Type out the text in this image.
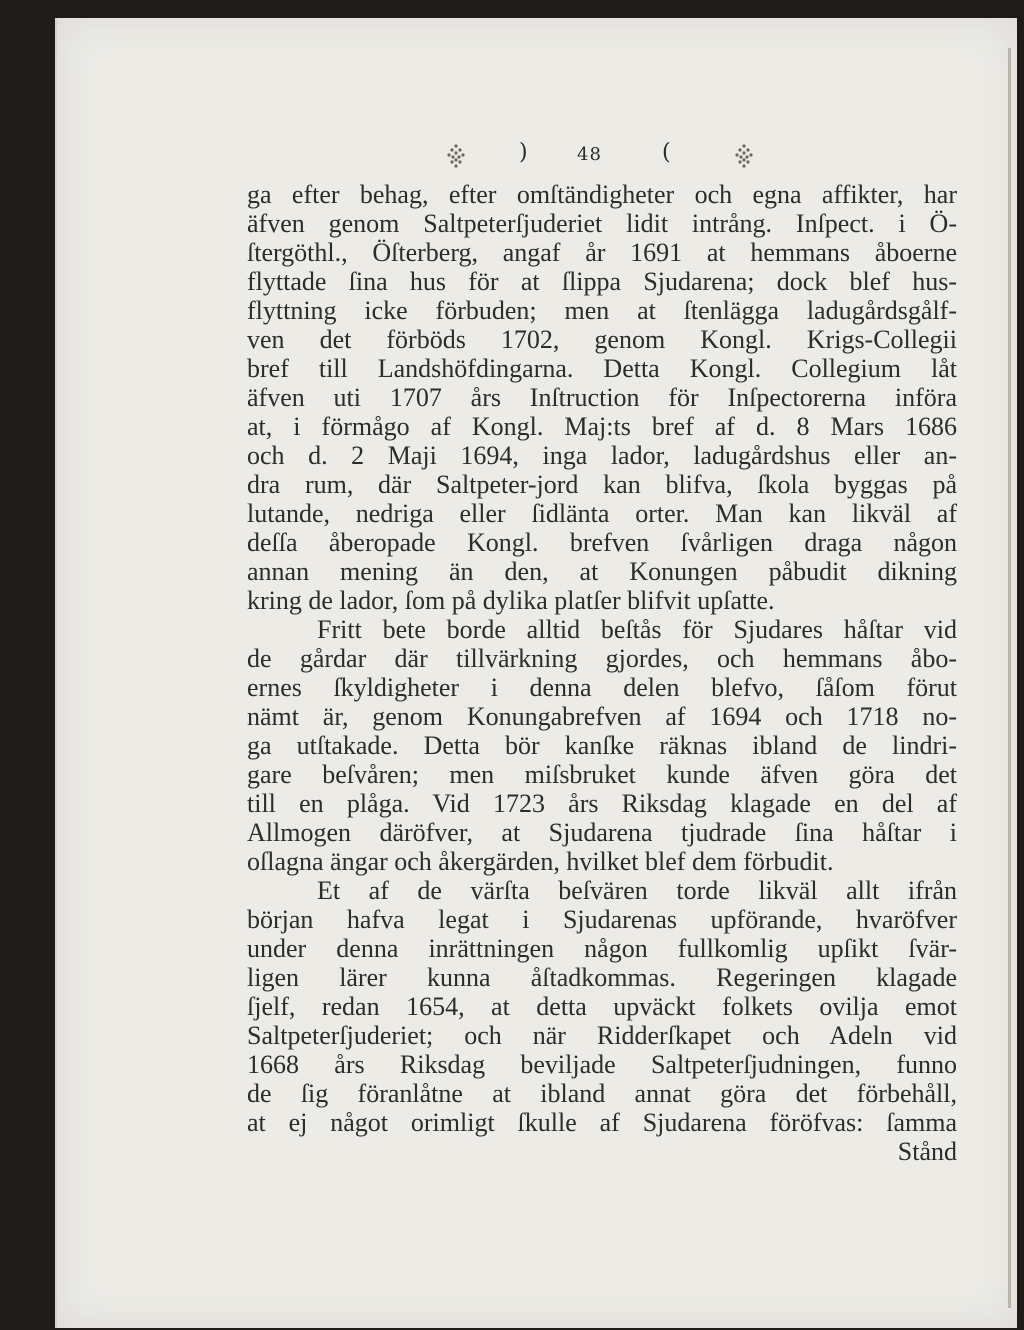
)	48	(
ga efter behag, efter omſtändigheter och egna affikter, har
äfven genom Saltpeterſjuderiet lidit intrång. Inſpect. i Ö-
ſtergöthl., Öſterberg, angaf år 1691 at hemmans åboerne
flyttade ſina hus för at ſlippa Sjudarena; dock blef hus-
flyttning icke förbuden; men at ſtenlägga ladugårdsgålf-
ven det förböds 1702, genom Kongl. Krigs-Collegii
bref till Landshöfdingarna. Detta Kongl. Collegium låt
äfven uti 1707 års Inſtruction för Inſpectorerna införa
at, i förmågo af Kongl. Maj:ts bref af d. 8 Mars 1686
och d. 2 Maji 1694, inga lador, ladugårdshus eller an-
dra rum, där Saltpeter-jord kan blifva, ſkola byggas på
lutande, nedriga eller ſidlänta orter. Man kan likväl af
deſſa åberopade Kongl. brefven ſvårligen draga någon
annan mening än den, at Konungen påbudit dikning
kring de lador, ſom på dylika platſer blifvit upſatte.
Fritt bete borde alltid beſtås för Sjudares håſtar vid
de gårdar där tillvärkning gjordes, och hemmans åbo-
ernes ſkyldigheter i denna delen blefvo, ſåſom förut
nämt är, genom Konungabrefven af 1694 och 1718 no-
ga utſtakade. Detta bör kanſke räknas ibland de lindri-
gare beſvåren; men miſsbruket kunde äfven göra det
till en plåga. Vid 1723 års Riksdag klagade en del af
Allmogen däröfver, at Sjudarena tjudrade ſina håſtar i
oſlagna ängar och åkergärden, hvilket blef dem förbudit.
Et af de värſta beſvären torde likväl allt ifrån
början hafva legat i Sjudarenas upförande, hvaröfver
under denna inrättningen någon fullkomlig upſikt ſvär-
ligen lärer kunna åſtadkommas. Regeringen klagade
ſjelf, redan 1654, at detta upväckt folkets ovilja emot
Saltpeterſjuderiet; och när Ridderſkapet och Adeln vid
1668 års Riksdag beviljade Saltpeterſjudningen, funno
de ſig föranlåtne at ibland annat göra det förbehåll,
at ej något orimligt ſkulle af Sjudarena föröfvas: ſamma
Stånd
